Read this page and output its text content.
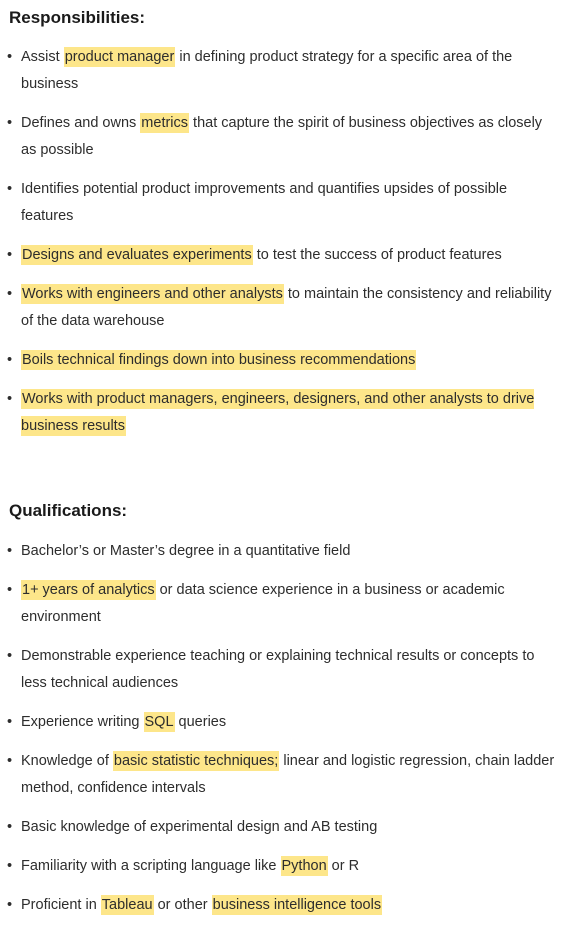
Responsibilities:
• Assist product manager in defining product strategy for a specific area of the business
• Defines and owns metrics that capture the spirit of business objectives as closely as possible
• Identifies potential product improvements and quantifies upsides of possible features
• Designs and evaluates experiments to test the success of product features
• Works with engineers and other analysts to maintain the consistency and reliability of the data warehouse
• Boils technical findings down into business recommendations
• Works with product managers, engineers, designers, and other analysts to drive business results
Qualifications:
• Bachelor’s or Master’s degree in a quantitative field
• 1+ years of analytics or data science experience in a business or academic environment
• Demonstrable experience teaching or explaining technical results or concepts to less technical audiences
• Experience writing SQL queries
• Knowledge of basic statistic techniques; linear and logistic regression, chain ladder method, confidence intervals
• Basic knowledge of experimental design and AB testing
• Familiarity with a scripting language like Python or R
• Proficient in Tableau or other business intelligence tools
